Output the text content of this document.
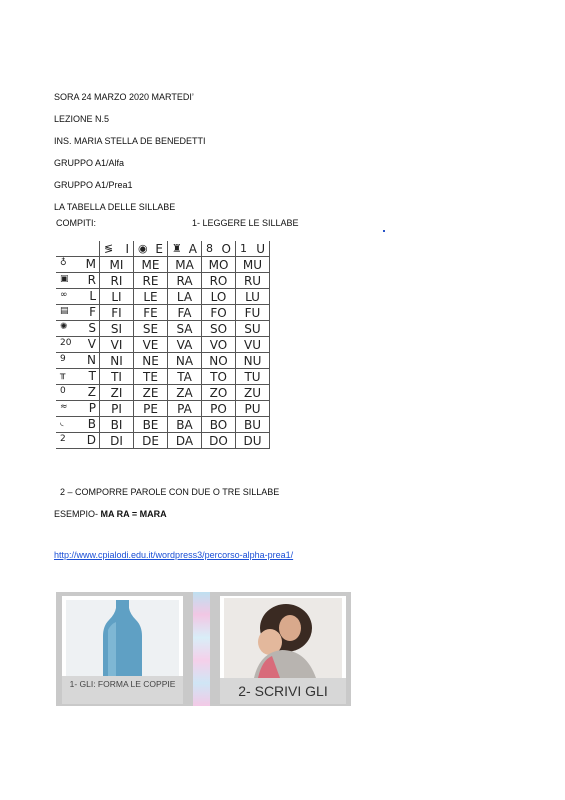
SORA 24 MARZO 2020 MARTEDI’
LEZIONE N.5
INS. MARIA STELLA DE BENEDETTI
GRUPPO A1/Alfa
GRUPPO A1/Prea1
LA TABELLA DELLE SILLABE
COMPITI:	1- LEGGERE LE SILLABE

	≶ I	◉ E	♜ A	8 O	1 U

♁ M	MI	ME	MA	MO	MU

▣ R	RI	RE	RA	RO	RU

∞ L	LI	LE	LA	LO	LU

▤ F	FI	FE	FA	FO	FU

✺ S	SI	SE	SA	SO	SU

20 V	VI	VE	VA	VO	VU

9 N	NI	NE	NA	NO	NU

╥ T	TI	TE	TA	TO	TU

0 Z	ZI	ZE	ZA	ZO	ZU

≈ P	PI	PE	PA	PO	PU

◟ B	BI	BE	BA	BO	BU

2 D	DI	DE	DA	DO	DU
2 – COMPORRE PAROLE CON DUE O TRE SILLABE
ESEMPIO- MA RA = MARA
http://www.cpialodi.edu.it/wordpress3/percorso-alpha-prea1/
1- GLI: FORMA LE COPPIE	2- SCRIVI GLI
